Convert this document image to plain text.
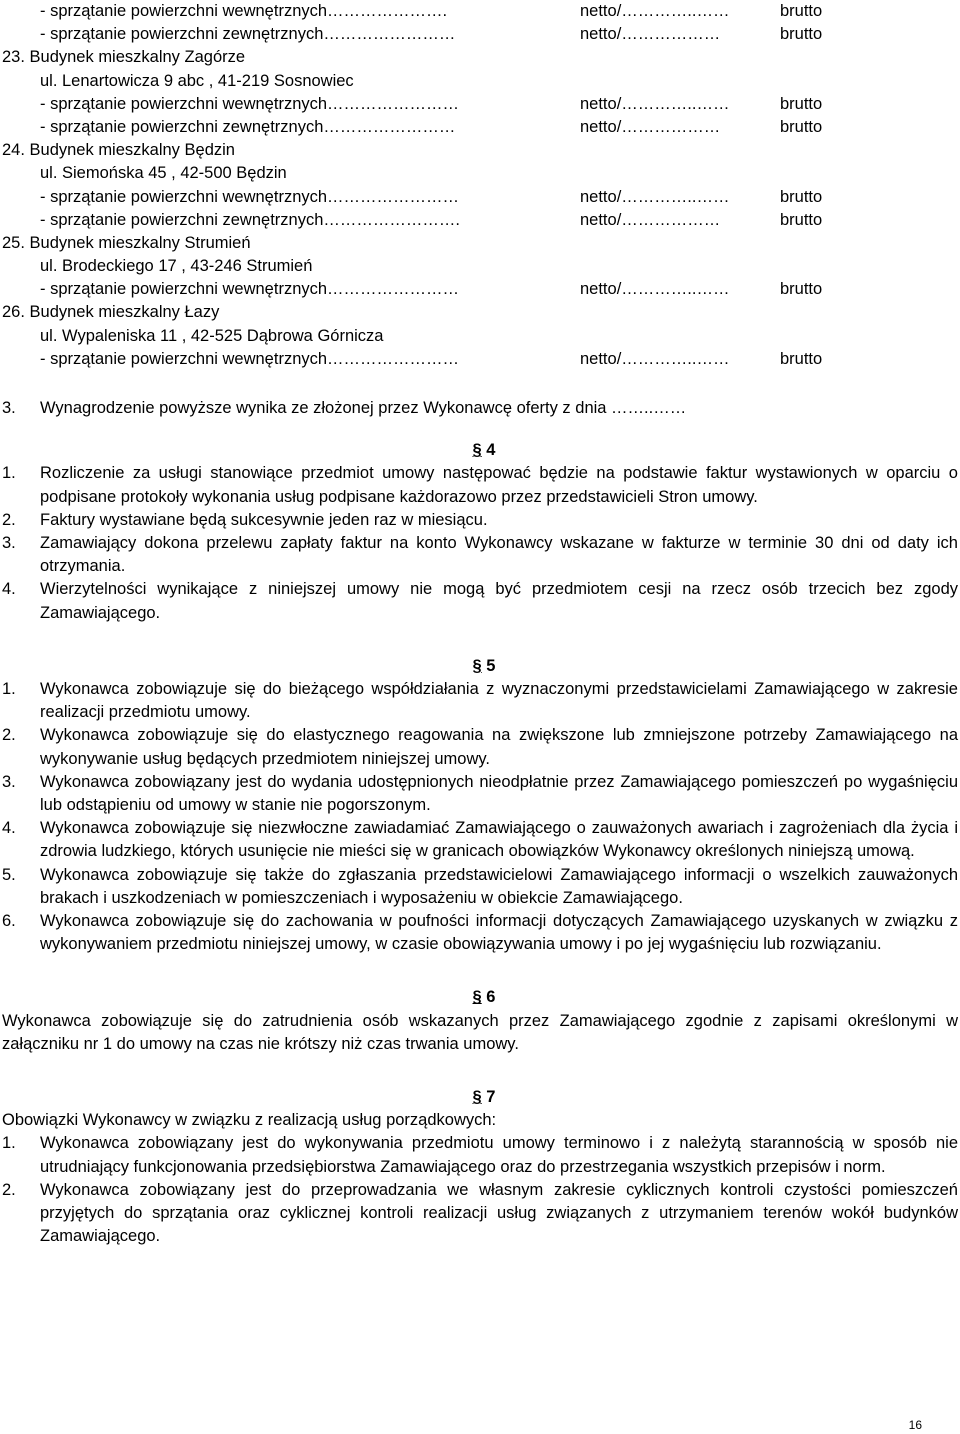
- sprzątanie powierzchni wewnętrznych………………….	netto/…………..……	brutto
- sprzątanie powierzchni zewnętrznych……………………	netto/………………	brutto
23. Budynek mieszkalny Zagórze
ul. Lenartowicza 9 abc , 41-219 Sosnowiec
- sprzątanie powierzchni wewnętrznych……………………	netto/…………..……	brutto
- sprzątanie powierzchni zewnętrznych……………………	netto/………………	brutto
24. Budynek mieszkalny Będzin
ul. Siemońska 45 , 42-500 Będzin
- sprzątanie powierzchni wewnętrznych……………………	netto/…………..……	brutto
- sprzątanie powierzchni zewnętrznych…………………….	netto/………………	brutto
25. Budynek mieszkalny Strumień
ul. Brodeckiego 17 , 43-246 Strumień
- sprzątanie powierzchni wewnętrznych……………………	netto/…………..……	brutto
26. Budynek mieszkalny Łazy
ul. Wypaleniska 11 , 42-525 Dąbrowa Górnicza
- sprzątanie powierzchni wewnętrznych……………………	netto/…………..……	brutto
3.	Wynagrodzenie powyższe wynika ze złożonej przez Wykonawcę oferty z dnia ……..……
§ 4
1.	Rozliczenie za usługi stanowiące przedmiot umowy następować będzie na podstawie faktur wystawionych w oparciu o podpisane protokoły wykonania usług podpisane każdorazowo przez przedstawicieli Stron umowy.
2.	Faktury wystawiane będą sukcesywnie jeden raz w miesiącu.
3.	Zamawiający dokona przelewu zapłaty faktur na konto Wykonawcy wskazane w fakturze w terminie 30 dni od daty ich otrzymania.
4.	Wierzytelności wynikające z niniejszej umowy nie mogą być przedmiotem cesji na rzecz osób trzecich bez zgody Zamawiającego.
§ 5
1.	Wykonawca zobowiązuje się do bieżącego współdziałania z wyznaczonymi przedstawicielami Zamawiającego w zakresie realizacji przedmiotu umowy.
2.	Wykonawca zobowiązuje się do elastycznego reagowania na zwiększone lub zmniejszone potrzeby Zamawiającego na wykonywanie usług będących przedmiotem niniejszej umowy.
3.	Wykonawca zobowiązany jest do wydania udostępnionych nieodpłatnie przez Zamawiającego pomieszczeń po wygaśnięciu lub odstąpieniu od umowy w stanie nie pogorszonym.
4.	Wykonawca zobowiązuje się niezwłoczne zawiadamiać Zamawiającego o zauważonych awariach i zagrożeniach dla życia i zdrowia ludzkiego, których usunięcie nie mieści się w granicach obowiązków Wykonawcy określonych niniejszą umową.
5.	Wykonawca zobowiązuje się także do zgłaszania przedstawicielowi Zamawiającego informacji o wszelkich zauważonych brakach i uszkodzeniach w pomieszczeniach i wyposażeniu w obiekcie Zamawiającego.
6.	Wykonawca zobowiązuje się do zachowania w poufności informacji dotyczących Zamawiającego uzyskanych w związku z wykonywaniem przedmiotu niniejszej umowy, w czasie obowiązywania umowy i po jej wygaśnięciu lub rozwiązaniu.
§ 6
Wykonawca zobowiązuje się do zatrudnienia osób wskazanych przez Zamawiającego zgodnie z zapisami określonymi w załączniku nr 1 do umowy na czas nie krótszy niż czas trwania umowy.
§ 7
Obowiązki Wykonawcy w związku z realizacją usług porządkowych:
1.	Wykonawca zobowiązany jest do wykonywania przedmiotu umowy terminowo i z należytą starannością w sposób nie utrudniający funkcjonowania przedsiębiorstwa Zamawiającego oraz do przestrzegania wszystkich przepisów i norm.
2.	Wykonawca zobowiązany jest do przeprowadzania we własnym zakresie cyklicznych kontroli czystości pomieszczeń przyjętych do sprzątania oraz cyklicznej kontroli realizacji usług związanych z utrzymaniem terenów wokół budynków Zamawiającego.
16
